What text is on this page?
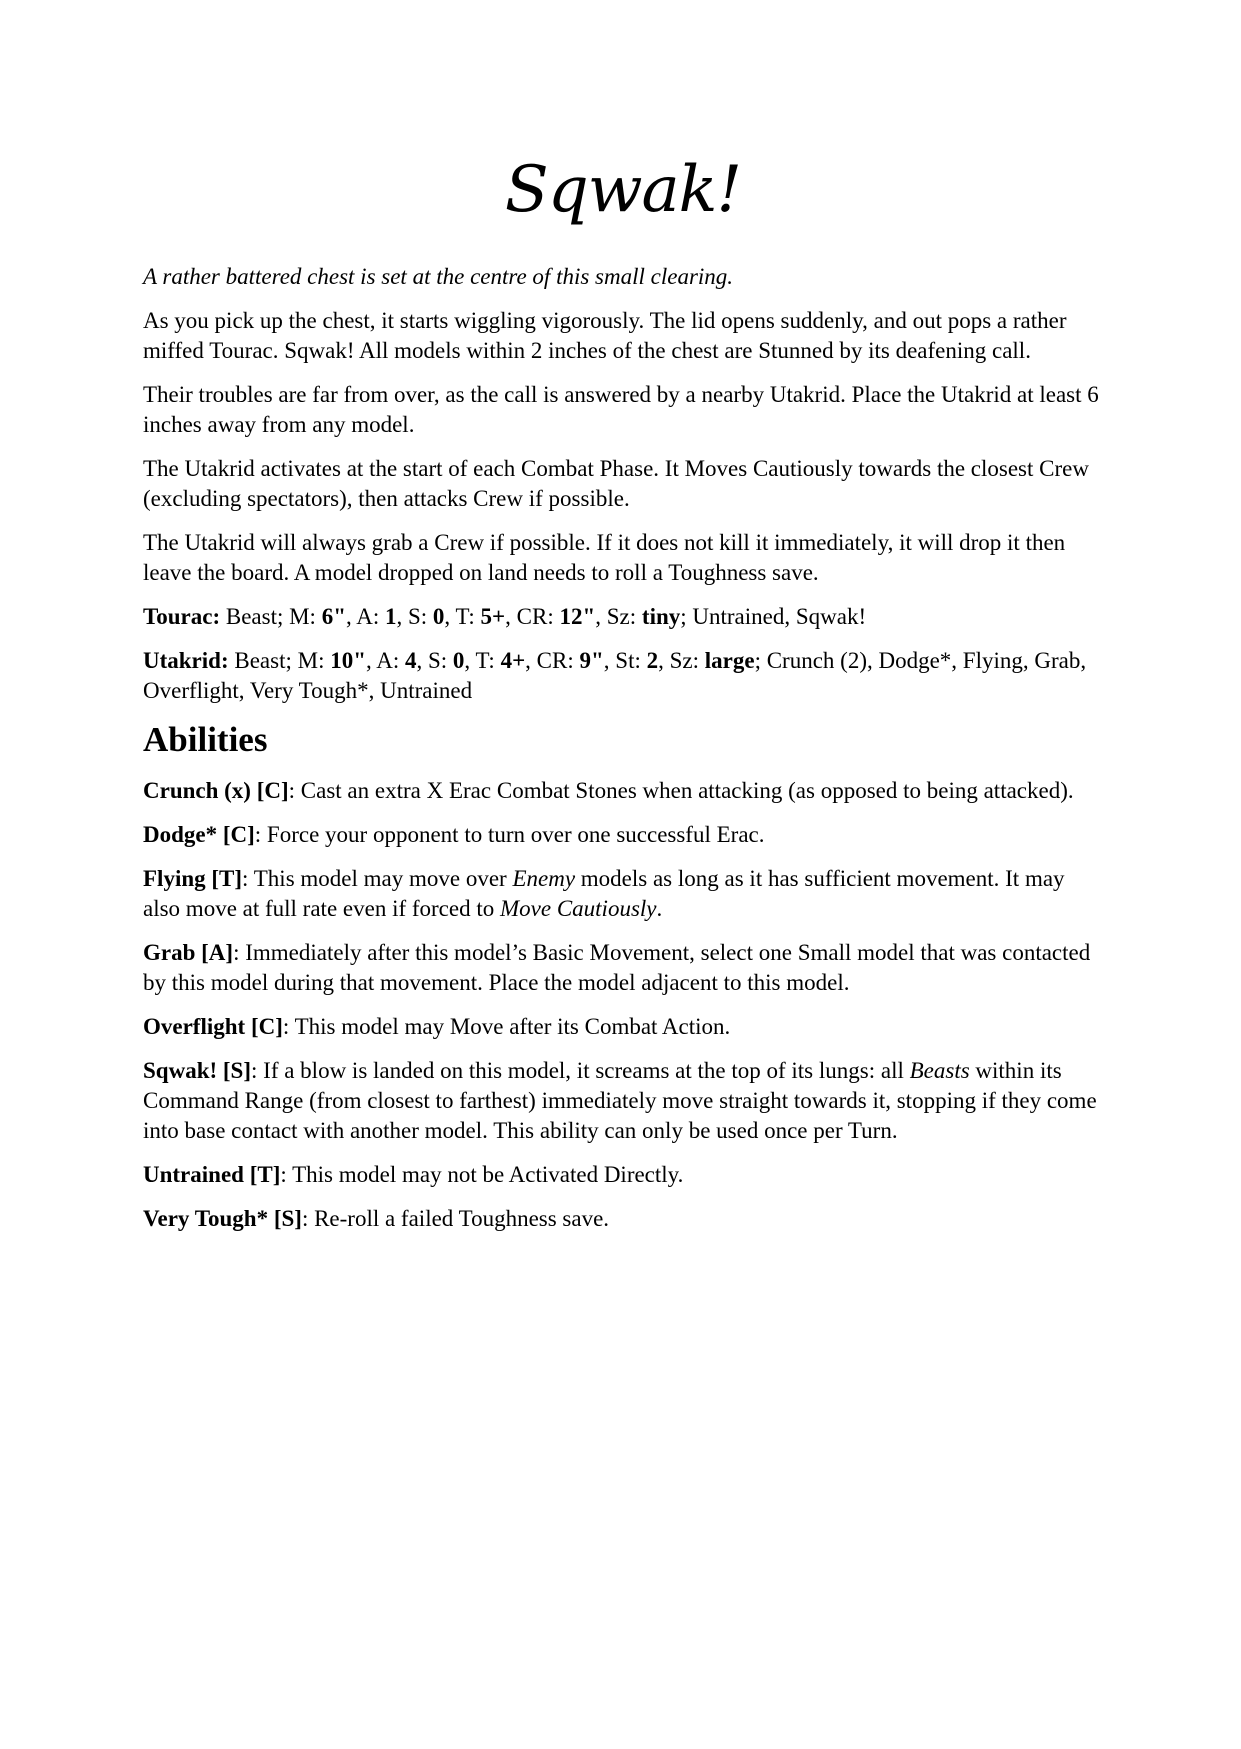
Sqwak!

A rather battered chest is set at the centre of this small clearing.

As you pick up the chest, it starts wiggling vigorously. The lid opens suddenly, and out pops a rather miffed Tourac. Sqwak! All models within 2 inches of the chest are Stunned by its deafening call.

Their troubles are far from over, as the call is answered by a nearby Utakrid. Place the Utakrid at least 6 inches away from any model.

The Utakrid activates at the start of each Combat Phase. It Moves Cautiously towards the closest Crew (excluding spectators), then attacks Crew if possible.

The Utakrid will always grab a Crew if possible. If it does not kill it immediately, it will drop it then leave the board. A model dropped on land needs to roll a Toughness save.

Tourac: Beast; M: 6", A: 1, S: 0, T: 5+, CR: 12", Sz: tiny; Untrained, Sqwak!

Utakrid: Beast; M: 10", A: 4, S: 0, T: 4+, CR: 9", St: 2, Sz: large; Crunch (2), Dodge*, Flying, Grab, Overflight, Very Tough*, Untrained

Abilities

Crunch (x) [C]: Cast an extra X Erac Combat Stones when attacking (as opposed to being attacked).

Dodge* [C]: Force your opponent to turn over one successful Erac.

Flying [T]: This model may move over Enemy models as long as it has sufficient movement. It may also move at full rate even if forced to Move Cautiously.

Grab [A]: Immediately after this model’s Basic Movement, select one Small model that was contacted by this model during that movement. Place the model adjacent to this model.

Overflight [C]: This model may Move after its Combat Action.

Sqwak! [S]: If a blow is landed on this model, it screams at the top of its lungs: all Beasts within its Command Range (from closest to farthest) immediately move straight towards it, stopping if they come into base contact with another model. This ability can only be used once per Turn.

Untrained [T]: This model may not be Activated Directly.

Very Tough* [S]: Re-roll a failed Toughness save.
